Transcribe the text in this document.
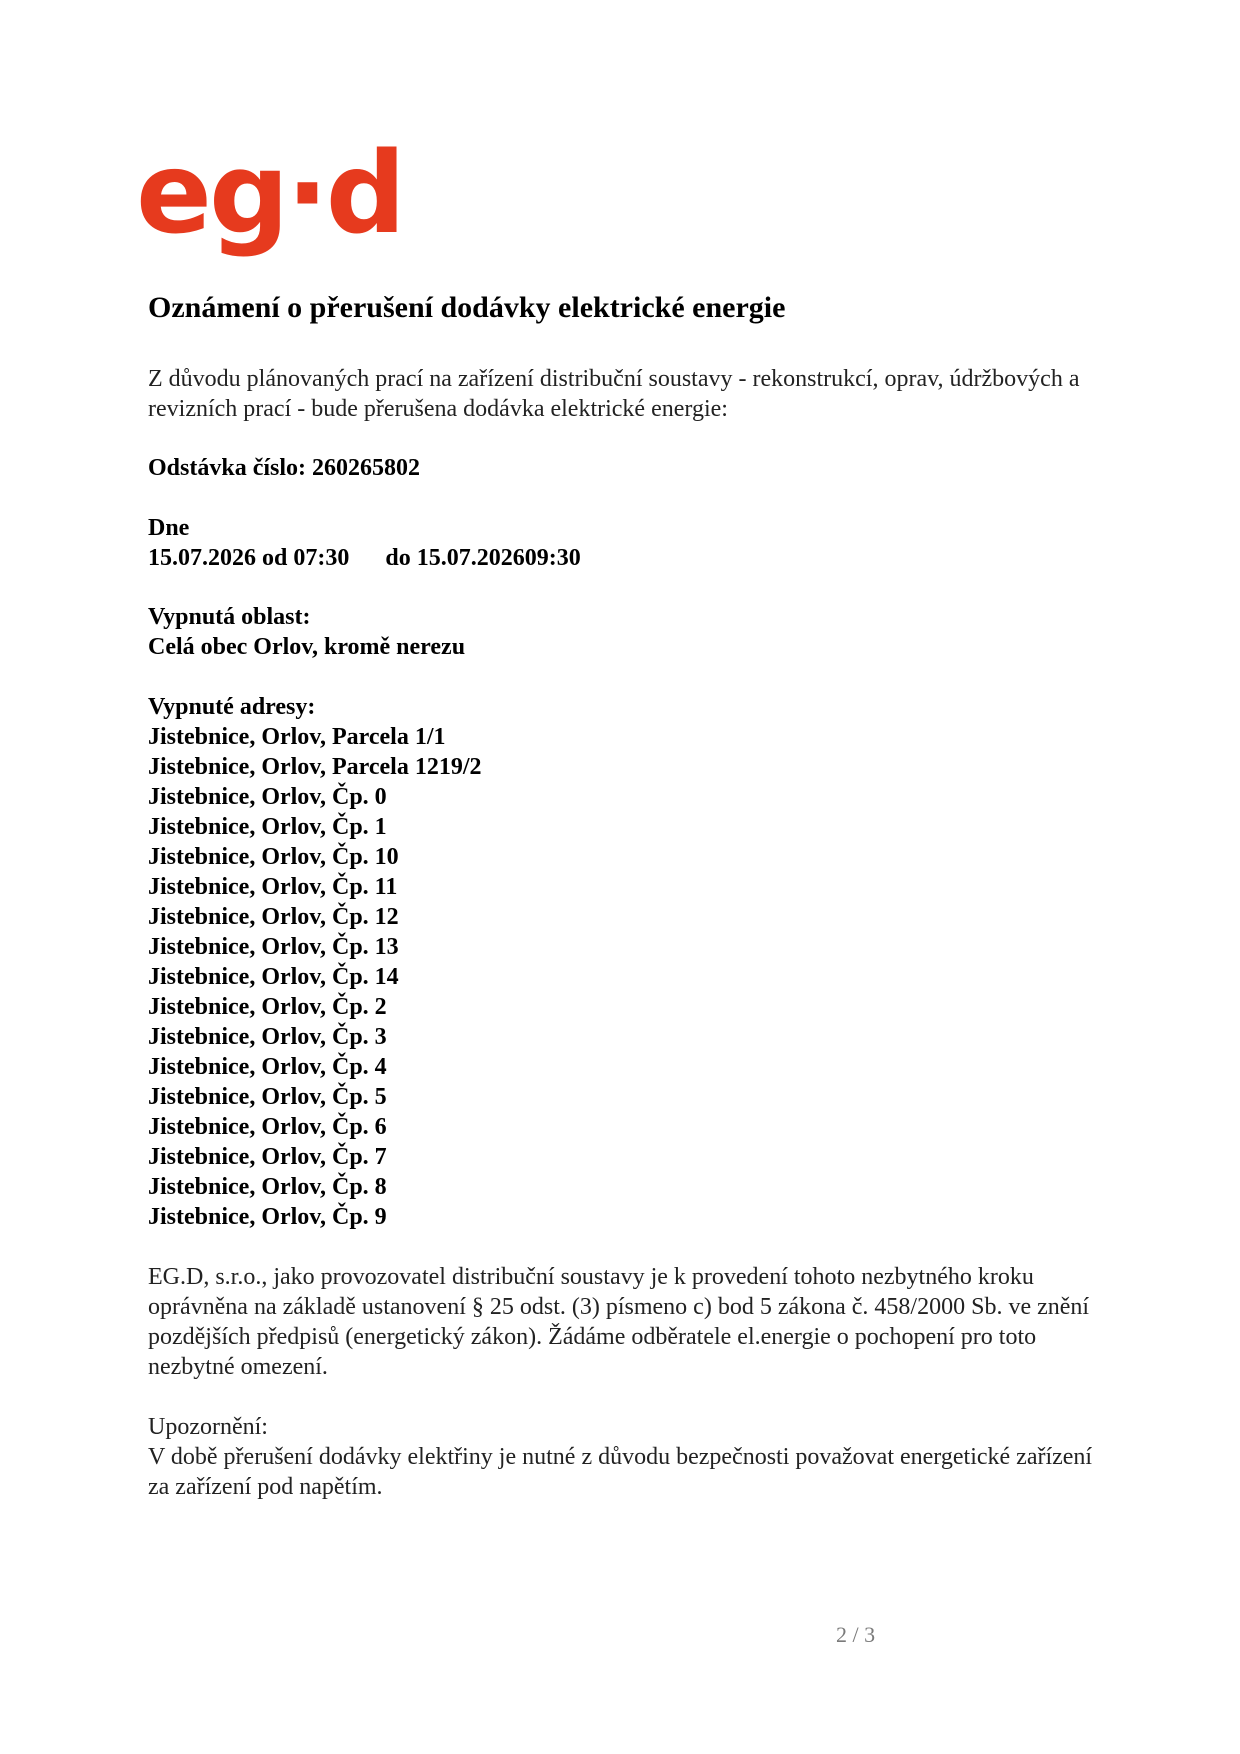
eg·d
Oznámení o přerušení dodávky elektrické energie
Z důvodu plánovaných prací na zařízení distribuční soustavy - rekonstrukcí, oprav, údržbových a revizních prací - bude přerušena dodávka elektrické energie:
Odstávka číslo: 260265802
Dne
15.07.2026 od 07:30 do 15.07.202609:30
Vypnutá oblast:
Celá obec Orlov, kromě nerezu
Vypnuté adresy:
Jistebnice, Orlov, Parcela 1/1
Jistebnice, Orlov, Parcela 1219/2
Jistebnice, Orlov, Čp. 0
Jistebnice, Orlov, Čp. 1
Jistebnice, Orlov, Čp. 10
Jistebnice, Orlov, Čp. 11
Jistebnice, Orlov, Čp. 12
Jistebnice, Orlov, Čp. 13
Jistebnice, Orlov, Čp. 14
Jistebnice, Orlov, Čp. 2
Jistebnice, Orlov, Čp. 3
Jistebnice, Orlov, Čp. 4
Jistebnice, Orlov, Čp. 5
Jistebnice, Orlov, Čp. 6
Jistebnice, Orlov, Čp. 7
Jistebnice, Orlov, Čp. 8
Jistebnice, Orlov, Čp. 9
EG.D, s.r.o., jako provozovatel distribuční soustavy je k provedení tohoto nezbytného kroku oprávněna na základě ustanovení § 25 odst. (3) písmeno c) bod 5 zákona č. 458/2000 Sb. ve znění pozdějších předpisů (energetický zákon). Žádáme odběratele el.energie o pochopení pro toto nezbytné omezení.
Upozornění:
V době přerušení dodávky elektřiny je nutné z důvodu bezpečnosti považovat energetické zařízení za zařízení pod napětím.
2 / 3
